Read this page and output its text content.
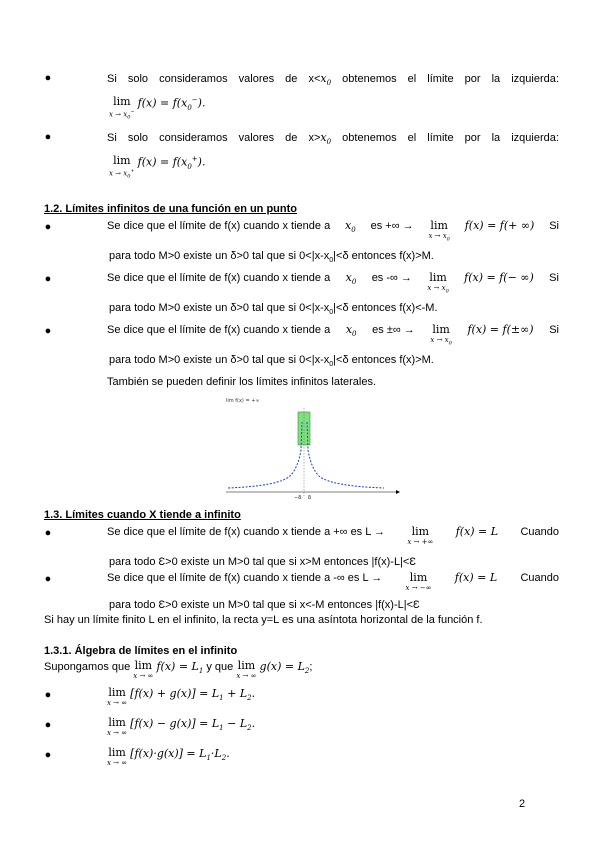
●	Si solo consideramos valores de $x<x_0$ obtenemos el límite por la izquierda:
lim
$x \to x_0^-$
$f(x) = f(x_0^-)$.
●	Si solo consideramos valores de $x>x_0$ obtenemos el límite por la izquierda:
lim
$x \to x_0^+$
$f(x) = f(x_0^+)$.
1.2. Límites infinitos de una función en un punto
●	Se dice que el límite de f(x) cuando x tiende a $x_0$ es +∞ → lim
$x \to x_0$
f(x) = f(+ ∞) Si
para todo M>0 existe un δ>0 tal que si $0<|x-x_0|<\delta$ entonces f(x)>M.
●	Se dice que el límite de f(x) cuando x tiende a $x_0$ es -∞ → lim
$x \to x_0$
f(x) = f(− ∞) Si
para todo M>0 existe un δ>0 tal que si $0<|x-x_0|<\delta$ entonces f(x)<-M.
●	Se dice que el límite de f(x) cuando x tiende a $x_0$ es ±∞ → lim
$x \to x_0$
f(x) = f(±∞) Si
para todo M>0 existe un δ>0 tal que si $0<|x-x_0|<\delta$ entonces f(x)>M.
También se pueden definir los límites infinitos laterales.
lim f(x) = +∞
−δ δ
1.3. Límites cuando X tiende a infinito
●	Se dice que el límite de f(x) cuando x tiende a +∞ es L →	lim
x → +∞
f(x) = L Cuando
para todo Ɛ>0 existe un M>0 tal que si x>M entonces |f(x)-L|<Ɛ
●	Se dice que el límite de f(x) cuando x tiende a -∞ es L →	lim
x → −∞
f(x) = L Cuando
para todo Ɛ>0 existe un M>0 tal que si x<-M entonces |f(x)-L|<Ɛ
Si hay un límite finito L en el infinito, la recta y=L es una asíntota horizontal de la función f.
1.3.1. Álgebra de límites en el infinito
Supongamos que lim
x → ∞
$f(x) = L_1$ y que lim
x → ∞
$g(x) = L_2$;
●	lim
x → ∞
$[f(x) + g(x)] = L_1 + L_2$.
●	lim
x → ∞
$[f(x) - g(x)] = L_1 - L_2$.
●	lim
x → ∞
$[f(x)\cdot g(x)] = L_1\cdot L_2$.
2
